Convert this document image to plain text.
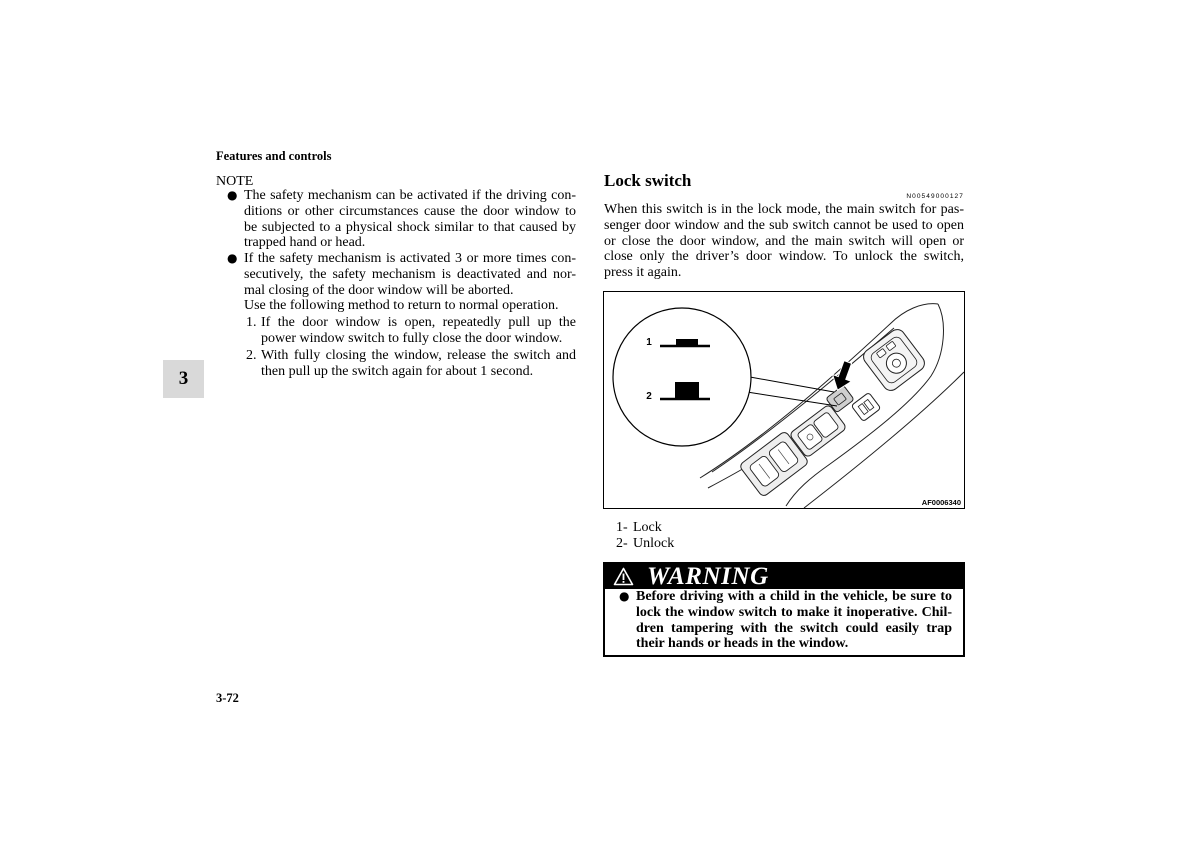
Features and controls
3
NOTE
● The safety mechanism can be activated if the driving con-
ditions or other circumstances cause the door window to
be subjected to a physical shock similar to that caused by
trapped hand or head.
● If the safety mechanism is activated 3 or more times con-
secutively, the safety mechanism is deactivated and nor-
mal closing of the door window will be aborted.
Use the following method to return to normal operation.
1. If the door window is open, repeatedly pull up the
power window switch to fully close the door window.
2. With fully closing the window, release the switch and
then pull up the switch again for about 1 second.
3-72
Lock switch
N00549000127
When this switch is in the lock mode, the main switch for pas-
senger door window and the sub switch cannot be used to open
or close the door window, and the main switch will open or
close only the driver’s door window. To unlock the switch,
press it again.
1
2
AF0006340
1- Lock
2- Unlock
WARNING
● Before driving with a child in the vehicle, be sure to
lock the window switch to make it inoperative. Chil-
dren tampering with the switch could easily trap
their hands or heads in the window.
